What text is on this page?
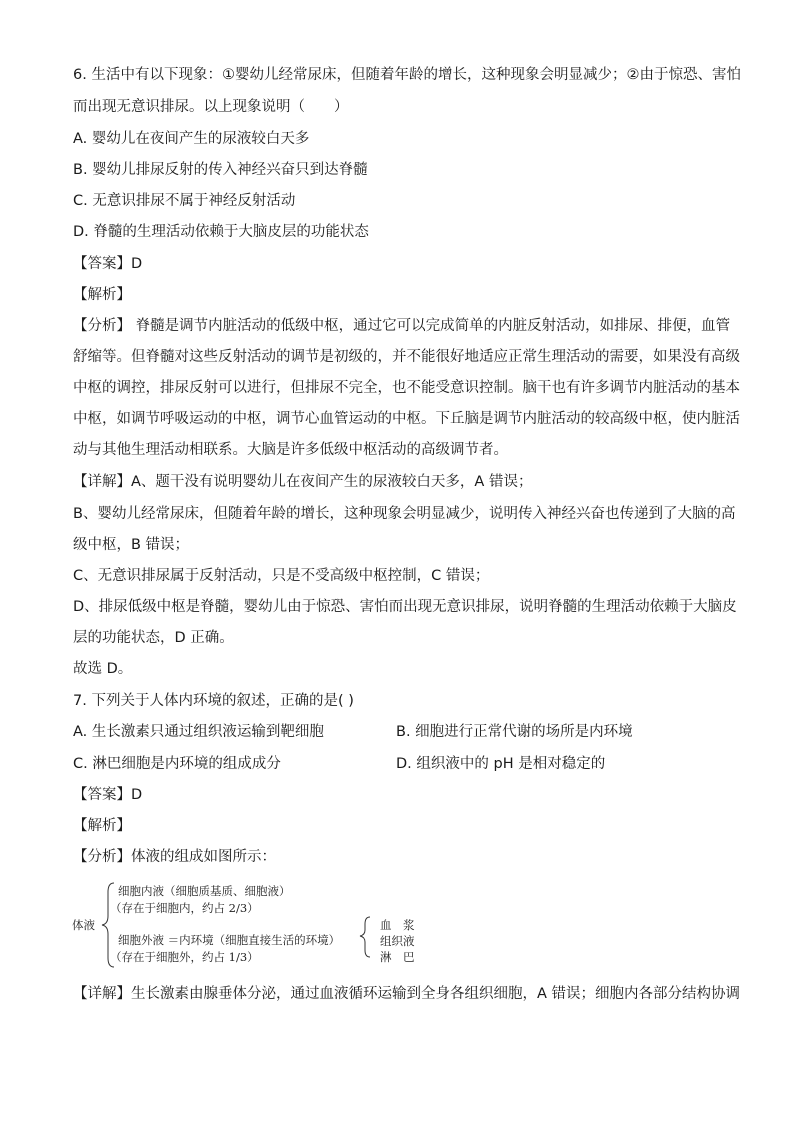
6. 生活中有以下现象：①婴幼儿经常尿床，但随着年龄的增长，这种现象会明显减少；②由于惊恐、害怕
而出现无意识排尿。以上现象说明（　　）
A. 婴幼儿在夜间产生的尿液较白天多
B. 婴幼儿排尿反射的传入神经兴奋只到达脊髓
C. 无意识排尿不属于神经反射活动
D. 脊髓的生理活动依赖于大脑皮层的功能状态
【答案】D
【解析】
【分析】 脊髓是调节内脏活动的低级中枢，通过它可以完成简单的内脏反射活动，如排尿、排便，血管
舒缩等。但脊髓对这些反射活动的调节是初级的，并不能很好地适应正常生理活动的需要，如果没有高级
中枢的调控，排尿反射可以进行，但排尿不完全，也不能受意识控制。脑干也有许多调节内脏活动的基本
中枢，如调节呼吸运动的中枢，调节心血管运动的中枢。下丘脑是调节内脏活动的较高级中枢，使内脏活
动与其他生理活动相联系。大脑是许多低级中枢活动的高级调节者。
【详解】A、题干没有说明婴幼儿在夜间产生的尿液较白天多，A 错误；
B、婴幼儿经常尿床，但随着年龄的增长，这种现象会明显减少，说明传入神经兴奋也传递到了大脑的高
级中枢，B 错误；
C、无意识排尿属于反射活动，只是不受高级中枢控制，C 错误；
D、排尿低级中枢是脊髓，婴幼儿由于惊恐、害怕而出现无意识排尿，说明脊髓的生理活动依赖于大脑皮
层的功能状态，D 正确。
故选 D。
7. 下列关于人体内环境的叙述，正确的是( )
A. 生长激素只通过组织液运输到靶细胞	B. 细胞进行正常代谢的场所是内环境
C. 淋巴细胞是内环境的组成成分	D. 组织液中的 pH 是相对稳定的
【答案】D
【解析】
【分析】体液的组成如图所示：
体液
细胞内液（细胞质基质、细胞液）
（存在于细胞内，约占 2/3）
细胞外液 ＝内环境（细胞直接生活的环境）
（存在于细胞外，约占 1/3）
血　浆
组织液
淋　巴
【详解】生长激素由腺垂体分泌，通过血液循环运输到全身各组织细胞，A 错误；细胞内各部分结构协调
